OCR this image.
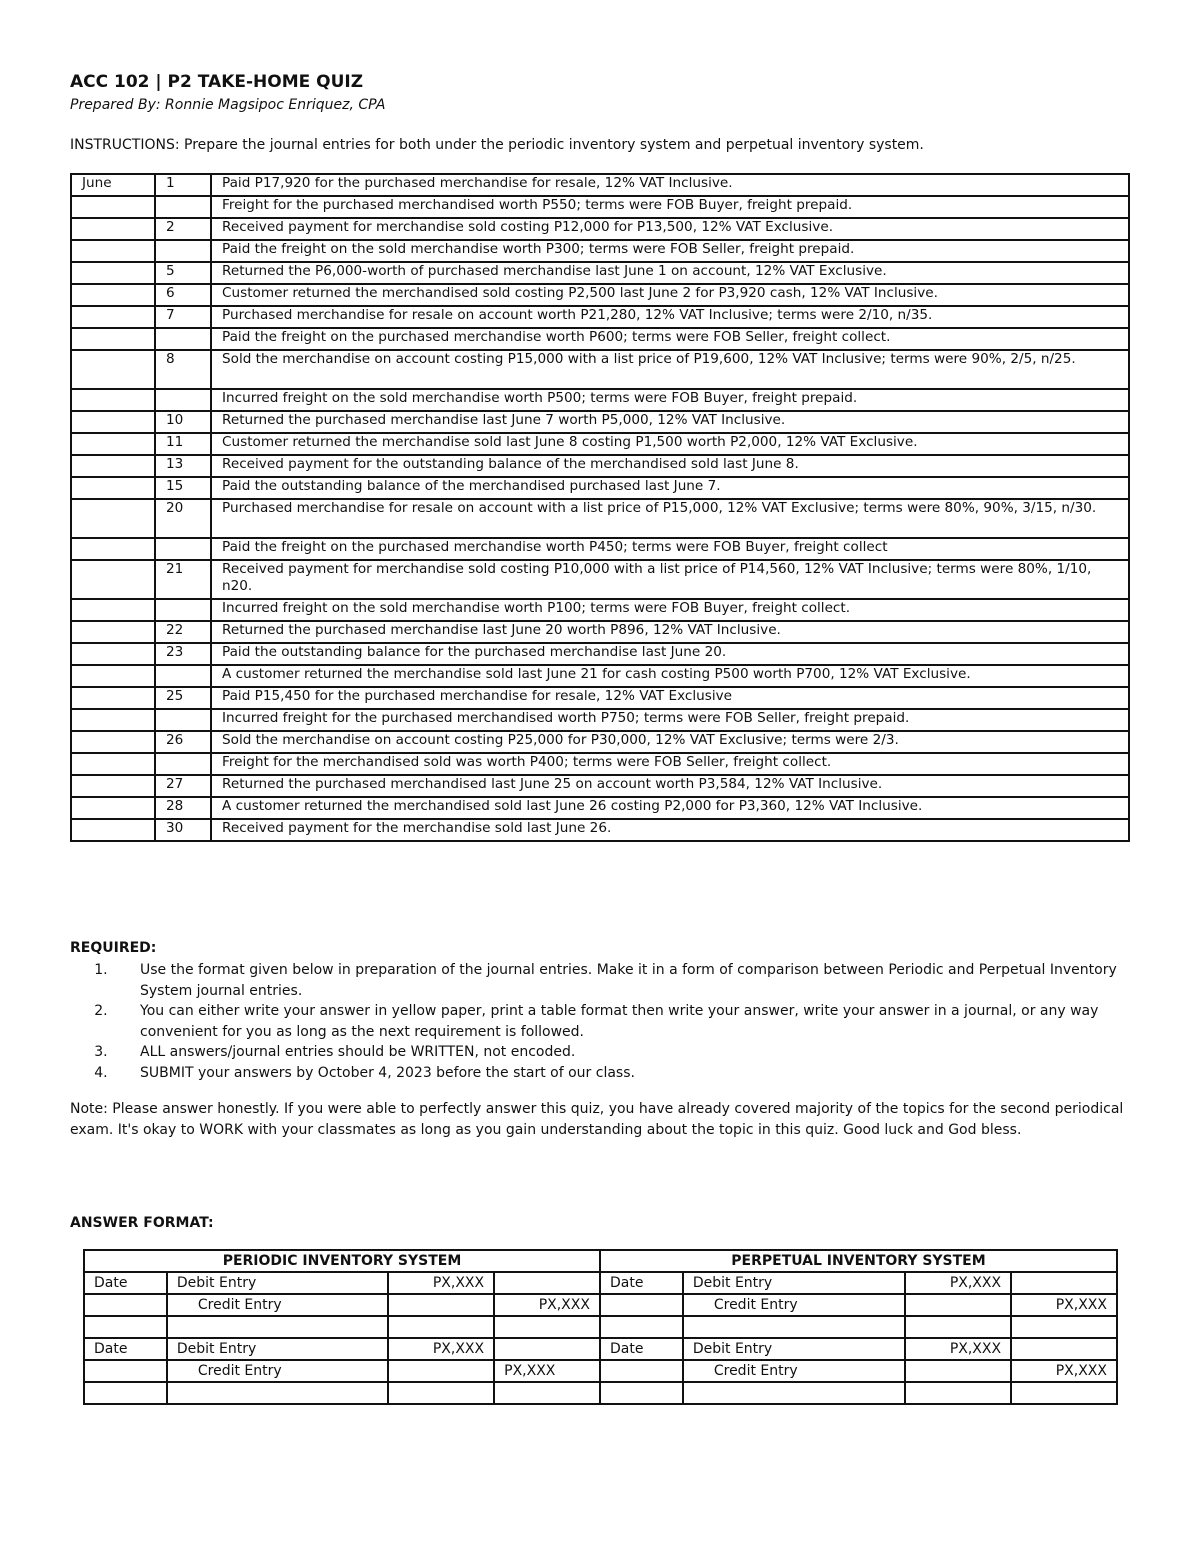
ACC 102 | P2 TAKE-HOME QUIZ

Prepared By: Ronnie Magsipoc Enriquez, CPA

INSTRUCTIONS: Prepare the journal entries for both under the periodic inventory system and perpetual inventory system.
June	1	Paid P17,920 for the purchased merchandise for resale, 12% VAT Inclusive.
		Freight for the purchased merchandised worth P550; terms were FOB Buyer, freight prepaid.
	2	Received payment for merchandise sold costing P12,000 for P13,500, 12% VAT Exclusive.
		Paid the freight on the sold merchandise worth P300; terms were FOB Seller, freight prepaid.
	5	Returned the P6,000-worth of purchased merchandise last June 1 on account, 12% VAT Exclusive.
	6	Customer returned the merchandised sold costing P2,500 last June 2 for P3,920 cash, 12% VAT Inclusive.
	7	Purchased merchandise for resale on account worth P21,280, 12% VAT Inclusive; terms were 2/10, n/35.
		Paid the freight on the purchased merchandise worth P600; terms were FOB Seller, freight collect.
	8	Sold the merchandise on account costing P15,000 with a list price of P19,600, 12% VAT Inclusive; terms were 90%, 2/5, n/25.
		Incurred freight on the sold merchandise worth P500; terms were FOB Buyer, freight prepaid.
	10	Returned the purchased merchandise last June 7 worth P5,000, 12% VAT Inclusive.
	11	Customer returned the merchandise sold last June 8 costing P1,500 worth P2,000, 12% VAT Exclusive.
	13	Received payment for the outstanding balance of the merchandised sold last June 8.
	15	Paid the outstanding balance of the merchandised purchased last June 7.
	20	Purchased merchandise for resale on account with a list price of P15,000, 12% VAT Exclusive; terms were 80%, 90%, 3/15, n/30.
		Paid the freight on the purchased merchandise worth P450; terms were FOB Buyer, freight collect
	21	Received payment for merchandise sold costing P10,000 with a list price of P14,560, 12% VAT Inclusive; terms were 80%, 1/10, n20.
		Incurred freight on the sold merchandise worth P100; terms were FOB Buyer, freight collect.
	22	Returned the purchased merchandise last June 20 worth P896, 12% VAT Inclusive.
	23	Paid the outstanding balance for the purchased merchandise last June 20.
		A customer returned the merchandise sold last June 21 for cash costing P500 worth P700, 12% VAT Exclusive.
	25	Paid P15,450 for the purchased merchandise for resale, 12% VAT Exclusive
		Incurred freight for the purchased merchandised worth P750; terms were FOB Seller, freight prepaid.
	26	Sold the merchandise on account costing P25,000 for P30,000, 12% VAT Exclusive; terms were 2/3.
		Freight for the merchandised sold was worth P400; terms were FOB Seller, freight collect.
	27	Returned the purchased merchandised last June 25 on account worth P3,584, 12% VAT Inclusive.
	28	A customer returned the merchandised sold last June 26 costing P2,000 for P3,360, 12% VAT Inclusive.
	30	Received payment for the merchandise sold last June 26.
REQUIRED:
1. Use the format given below in preparation of the journal entries. Make it in a form of comparison between Periodic and Perpetual Inventory System journal entries.
2. You can either write your answer in yellow paper, print a table format then write your answer, write your answer in a journal, or any way convenient for you as long as the next requirement is followed.
3. ALL answers/journal entries should be WRITTEN, not encoded.
4. SUBMIT your answers by October 4, 2023 before the start of our class.
Note: Please answer honestly. If you were able to perfectly answer this quiz, you have already covered majority of the topics for the second periodical exam. It's okay to WORK with your classmates as long as you gain understanding about the topic in this quiz. Good luck and God bless.
ANSWER FORMAT:
PERIODIC INVENTORY SYSTEM				PERPETUAL INVENTORY SYSTEM			
Date	Debit Entry	PX,XXX		Date	Debit Entry	PX,XXX	
	Credit Entry		PX,XXX		Credit Entry		PX,XXX

Date	Debit Entry	PX,XXX		Date	Debit Entry	PX,XXX	
	Credit Entry		PX,XXX		Credit Entry		PX,XXX
